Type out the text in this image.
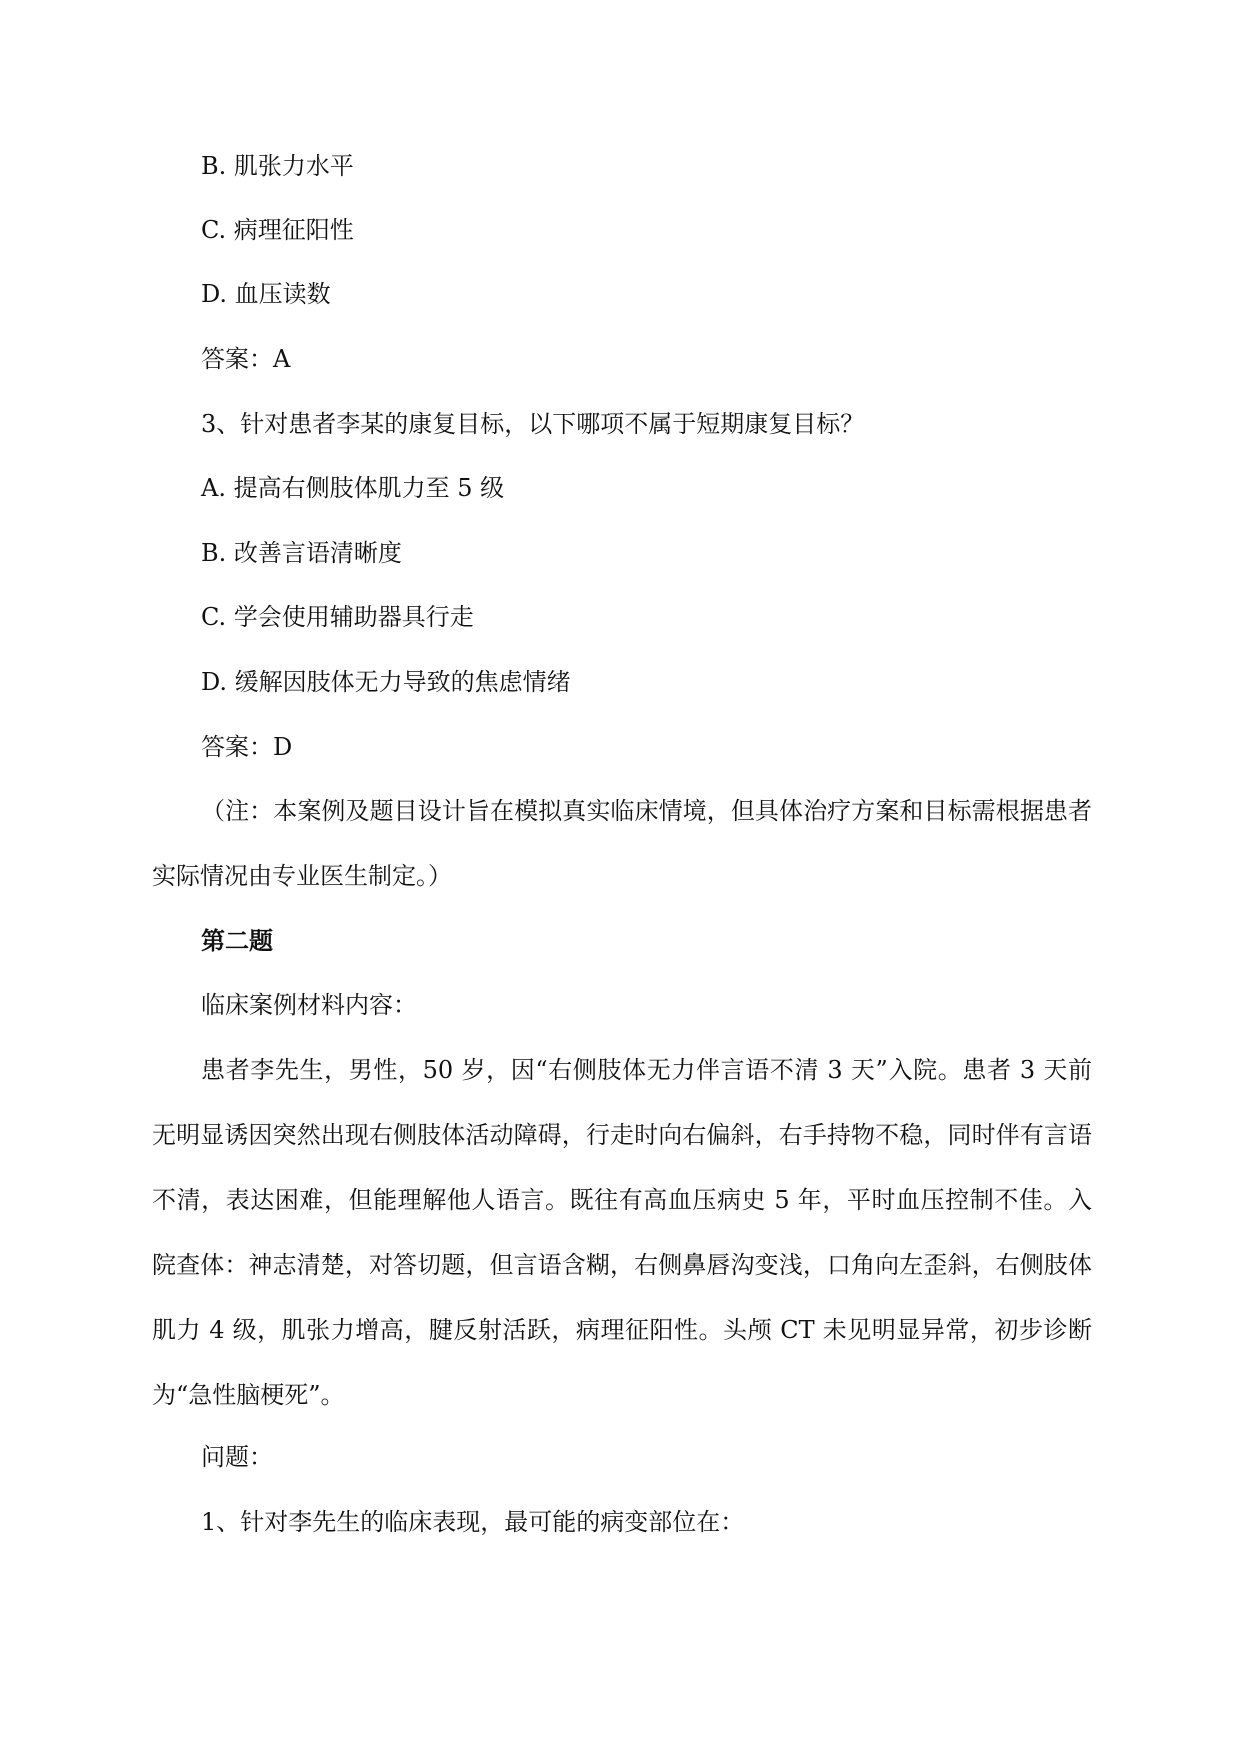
B. 肌张力水平
C. 病理征阳性
D. 血压读数
答案：A
3、针对患者李某的康复目标，以下哪项不属于短期康复目标？
A. 提高右侧肢体肌力至 5 级
B. 改善言语清晰度
C. 学会使用辅助器具行走
D. 缓解因肢体无力导致的焦虑情绪
答案：D
（注：本案例及题目设计旨在模拟真实临床情境，但具体治疗方案和目标需根据患者实际情况由专业医生制定。）
第二题
临床案例材料内容：
患者李先生，男性，50 岁，因“右侧肢体无力伴言语不清 3 天”入院。患者 3 天前无明显诱因突然出现右侧肢体活动障碍，行走时向右偏斜，右手持物不稳，同时伴有言语不清，表达困难，但能理解他人语言。既往有高血压病史 5 年，平时血压控制不佳。入院查体：神志清楚，对答切题，但言语含糊，右侧鼻唇沟变浅，口角向左歪斜，右侧肢体肌力 4 级，肌张力增高，腱反射活跃，病理征阳性。头颅 CT 未见明显异常，初步诊断为“急性脑梗死”。
问题：
1、针对李先生的临床表现，最可能的病变部位在：
